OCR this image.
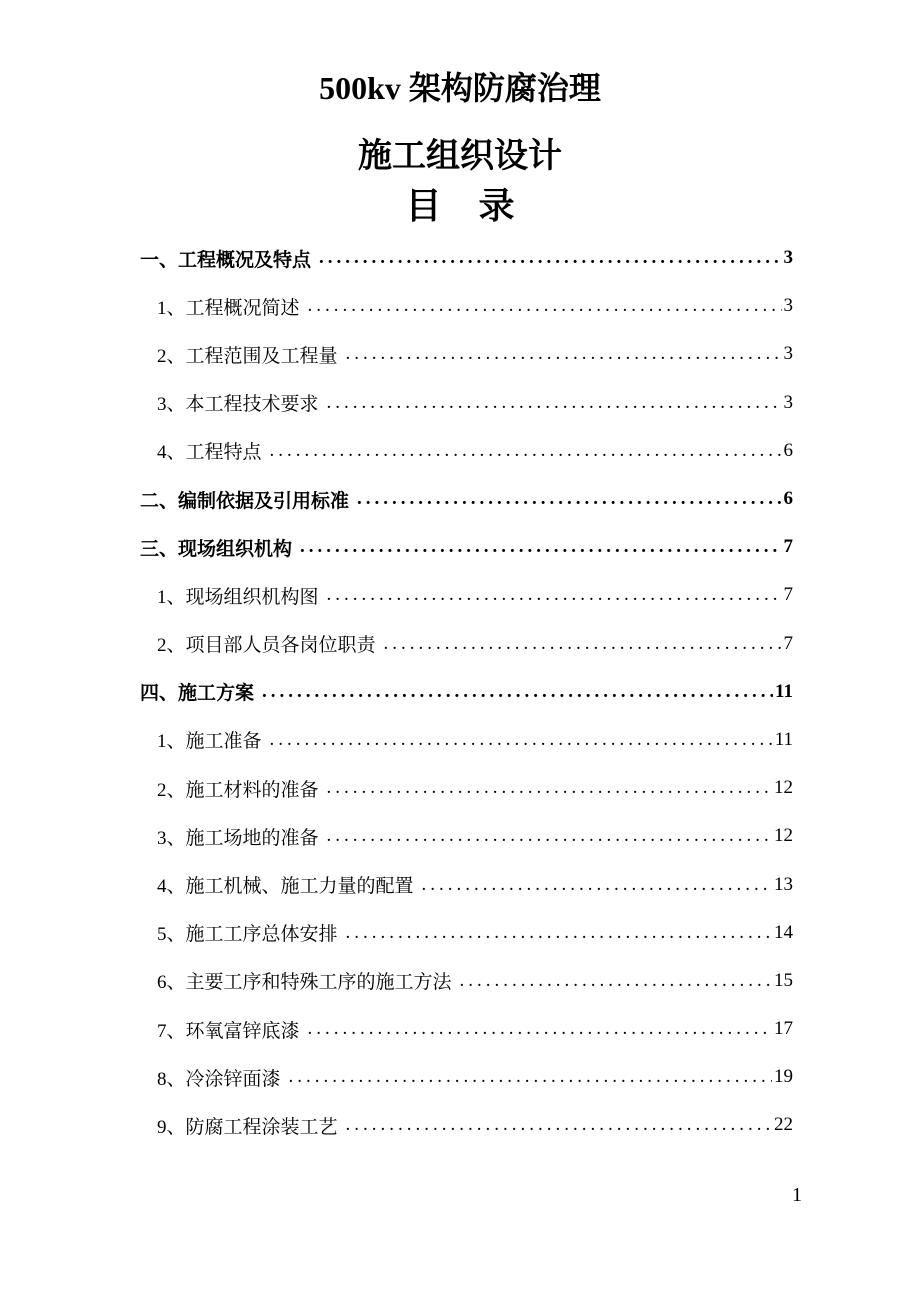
500kv 架构防腐治理
施工组织设计
目 录
一、工程概况及特点 .....	3
1、工程概况简述 .....	3
2、工程范围及工程量 .....	3
3、本工程技术要求 .....	3
4、工程特点 .....	6
二、编制依据及引用标准 .....	6
三、现场组织机构 .....	7
1、现场组织机构图 .....	7
2、项目部人员各岗位职责 .....	7
四、施工方案 .....	11
1、施工准备 .....	11
2、施工材料的准备 .....	12
3、施工场地的准备 .....	12
4、施工机械、施工力量的配置 .....	13
5、施工工序总体安排 .....	14
6、主要工序和特殊工序的施工方法 .....	15
7、环氧富锌底漆 .....	17
8、冷涂锌面漆 .....	19
9、防腐工程涂装工艺 .....	22

1
